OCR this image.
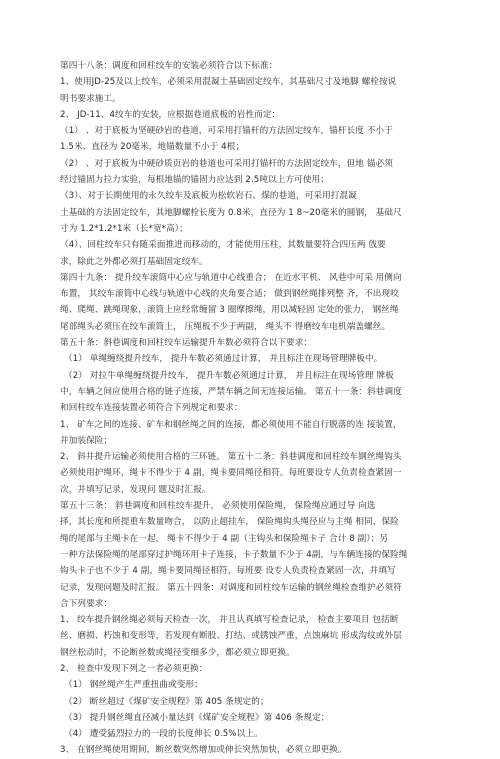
第四十八条：调度和回柱绞车的安装必须符合以下标准：
1、使用JD-25及以上绞车，必须采用混凝土基础固定绞车，其基础尺寸及地脚 螺栓按说
明书要求施工。
2、 JD-11、4绞车的安装，应根据巷道底板的岩性而定：
（1） 、对于底板为坚硬砂岩的巷道，可采用打锚杆的方法固定绞车，锚杆长度 不小于
1.5米、直径为 20毫米，地锚数量不小于 4根；
（2） 、对于底板为中硬砂质页岩的巷道也可采用打锚杆的方法固定绞车，但地 锚必须
经过锚固力拉力实验，每根地锚的锚固力应达到 2.5吨以上方可使用；
（3）、对于长期使用的永久绞车及底板为松软岩石、煤的巷道，可采用打混凝
土基础的方法固定绞车，其地脚螺栓长度为 0.8米，直径为 1 8~20毫米的圆钢， 基础尺
寸为 1.2*1.2*1米（长*宽*高）；
（4）、回柱绞车只有随采面推进而移动的，才能使用压柱，其数量要符合四压两 戗要
求，除此之外都必须打基础固定绞车。
第四十九条： 提升绞车滚筒中心应与轨道中心线重合； 在近水平机、 风巷中可采 用侧向
布置， 其绞车滚筒中心线与轨道中心线的夹角要合适； 做到钢丝绳排列整 齐，不出现咬
绳、爬绳、跳绳现象，滚筒上应经常缠留 3 圈摩擦绳，用以减轻固 定处的张力， 钢丝绳
尾部绳头必须压在绞车滚筒上， 压绳板不少于两副， 绳头不 得磨绞车电机端盖螺丝。
第五十条：斜巷调度和回柱绞车运输提升车数必须符合以下要求：
（1） 单绳缠绕提升绞车， 提升车数必须通过计算， 并且标注在现场管理牌板中。
（2） 对拉牛单绳缠绕提升绞车， 提升车数必须通过计算， 并且标注在现场管理 牌板
中，车辆之间应使用合格的链子连接，严禁车辆之间无连接运输。 第五十一条：斜巷调度
和回柱绞车连接装置必须符合下列规定和要求：
1、 矿车之间的连接、矿车和钢丝绳之间的连接，都必须使用不能自行脱落的连 接装置，
并加装保险；
2、 斜井提升运输必须使用合格的三环链。 第五十二条：斜巷调度和回柱绞车钢丝绳钩头
必须使用护绳环，绳卡不得少于 4 副，绳卡要同绳径相符。每班要设专人负责检查紧固一
次，并填写记录，发现问 题及时汇报。
第五十三条： 斜巷调度和回柱绞车提升， 必须使用保险绳， 保险绳应通过导 向选
择，其长度和所提重车数量吻合， 以防止超挂车， 保险绳钩头绳径应与主绳 相同，保险
绳的尾部与主绳卡在一起， 绳卡不得少于 4 副（主钩头和保险绳卡子 合计 8 副）；另
一种方法保险绳的尾部穿过护绳环用卡子连接，卡子数量不少于 4副，与车辆连接的保险绳
钩头卡子也不少于 4 副，绳卡要同绳径相符，每班要 设专人负责检查紧固一次，并填写
记录，发现问题及时汇报。 第五十四条：对调度和回柱绞车运输的钢丝绳检查维护必须符
合下列要求：
1、 绞车提升钢丝绳必须每天检查一次， 并且认真填写检查记录， 检查主要项目 包括断
丝、磨损、朽蚀和变形等，若发现有断股、打结、或锈蚀严重，点蚀麻坑 形成沟纹或外层
钢丝松动时，不论断丝数或绳径变细多少，都必须立即更换。
2、 检查中发现下列之一者必须更换：
（1） 钢丝绳产生严重扭曲或变形；
（2） 断丝超过《煤矿安全规程》第 405 条规定的；
（3） 提升钢丝绳直径减小量达到《煤矿安全规程》第 406 条规定；
（4） 遭受猛烈拉力的一段的长度伸长 0.5%以上。
3、 在钢丝绳使用期间，断丝数突然增加或伸长突然加快，必须立即更换。
